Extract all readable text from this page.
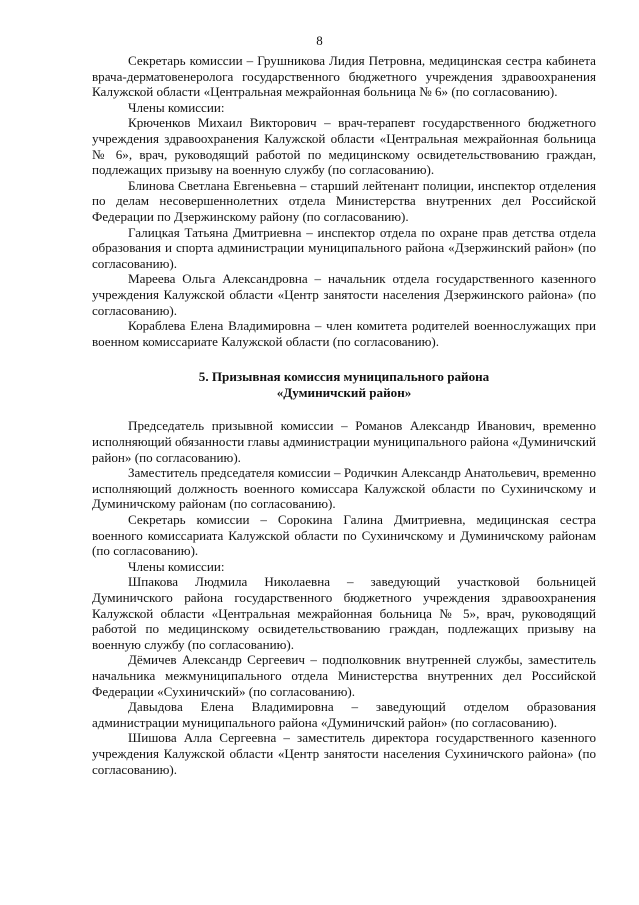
8

Секретарь комиссии – Грушникова Лидия Петровна, медицинская сестра кабинета врача-дерматовенеролога государственного бюджетного учреждения здравоохранения Калужской области «Центральная межрайонная больница № 6» (по согласованию).

Члены комиссии:

Крюченков Михаил Викторович – врач-терапевт государственного бюджетного учреждения здравоохранения Калужской области «Центральная межрайонная больница № 6», врач, руководящий работой по медицинскому освидетельствованию граждан, подлежащих призыву на военную службу (по согласованию).

Блинова Светлана Евгеньевна – старший лейтенант полиции, инспектор отделения по делам несовершеннолетних отдела Министерства внутренних дел Российской Федерации по Дзержинскому району (по согласованию).

Галицкая Татьяна Дмитриевна – инспектор отдела по охране прав детства отдела образования и спорта администрации муниципального района «Дзержинский район» (по согласованию).

Мареева Ольга Александровна – начальник отдела государственного казенного учреждения Калужской области «Центр занятости населения Дзержинского района» (по согласованию).

Кораблева Елена Владимировна – член комитета родителей военнослужащих при военном комиссариате Калужской области (по согласованию).

5. Призывная комиссия муниципального района
«Думиничский район»

Председатель призывной комиссии – Романов Александр Иванович, временно исполняющий обязанности главы администрации муниципального района «Думиничский район» (по согласованию).

Заместитель председателя комиссии – Родичкин Александр Анатольевич, временно исполняющий должность военного комиссара Калужской области по Сухиничскому и Думиничскому районам (по согласованию).

Секретарь комиссии – Сорокина Галина Дмитриевна, медицинская сестра военного комиссариата Калужской области по Сухиничскому и Думиничскому районам (по согласованию).

Члены комиссии:

Шпакова Людмила Николаевна – заведующий участковой больницей Думиничского района государственного бюджетного учреждения здравоохранения Калужской области «Центральная межрайонная больница № 5», врач, руководящий работой по медицинскому освидетельствованию граждан, подлежащих призыву на военную службу (по согласованию).

Дёмичев Александр Сергеевич – подполковник внутренней службы, заместитель начальника межмуниципального отдела Министерства внутренних дел Российской Федерации «Сухиничский» (по согласованию).

Давыдова Елена Владимировна – заведующий отделом образования администрации муниципального района «Думиничский район» (по согласованию).

Шишова Алла Сергеевна – заместитель директора государственного казенного учреждения Калужской области «Центр занятости населения Сухиничского района» (по согласованию).
